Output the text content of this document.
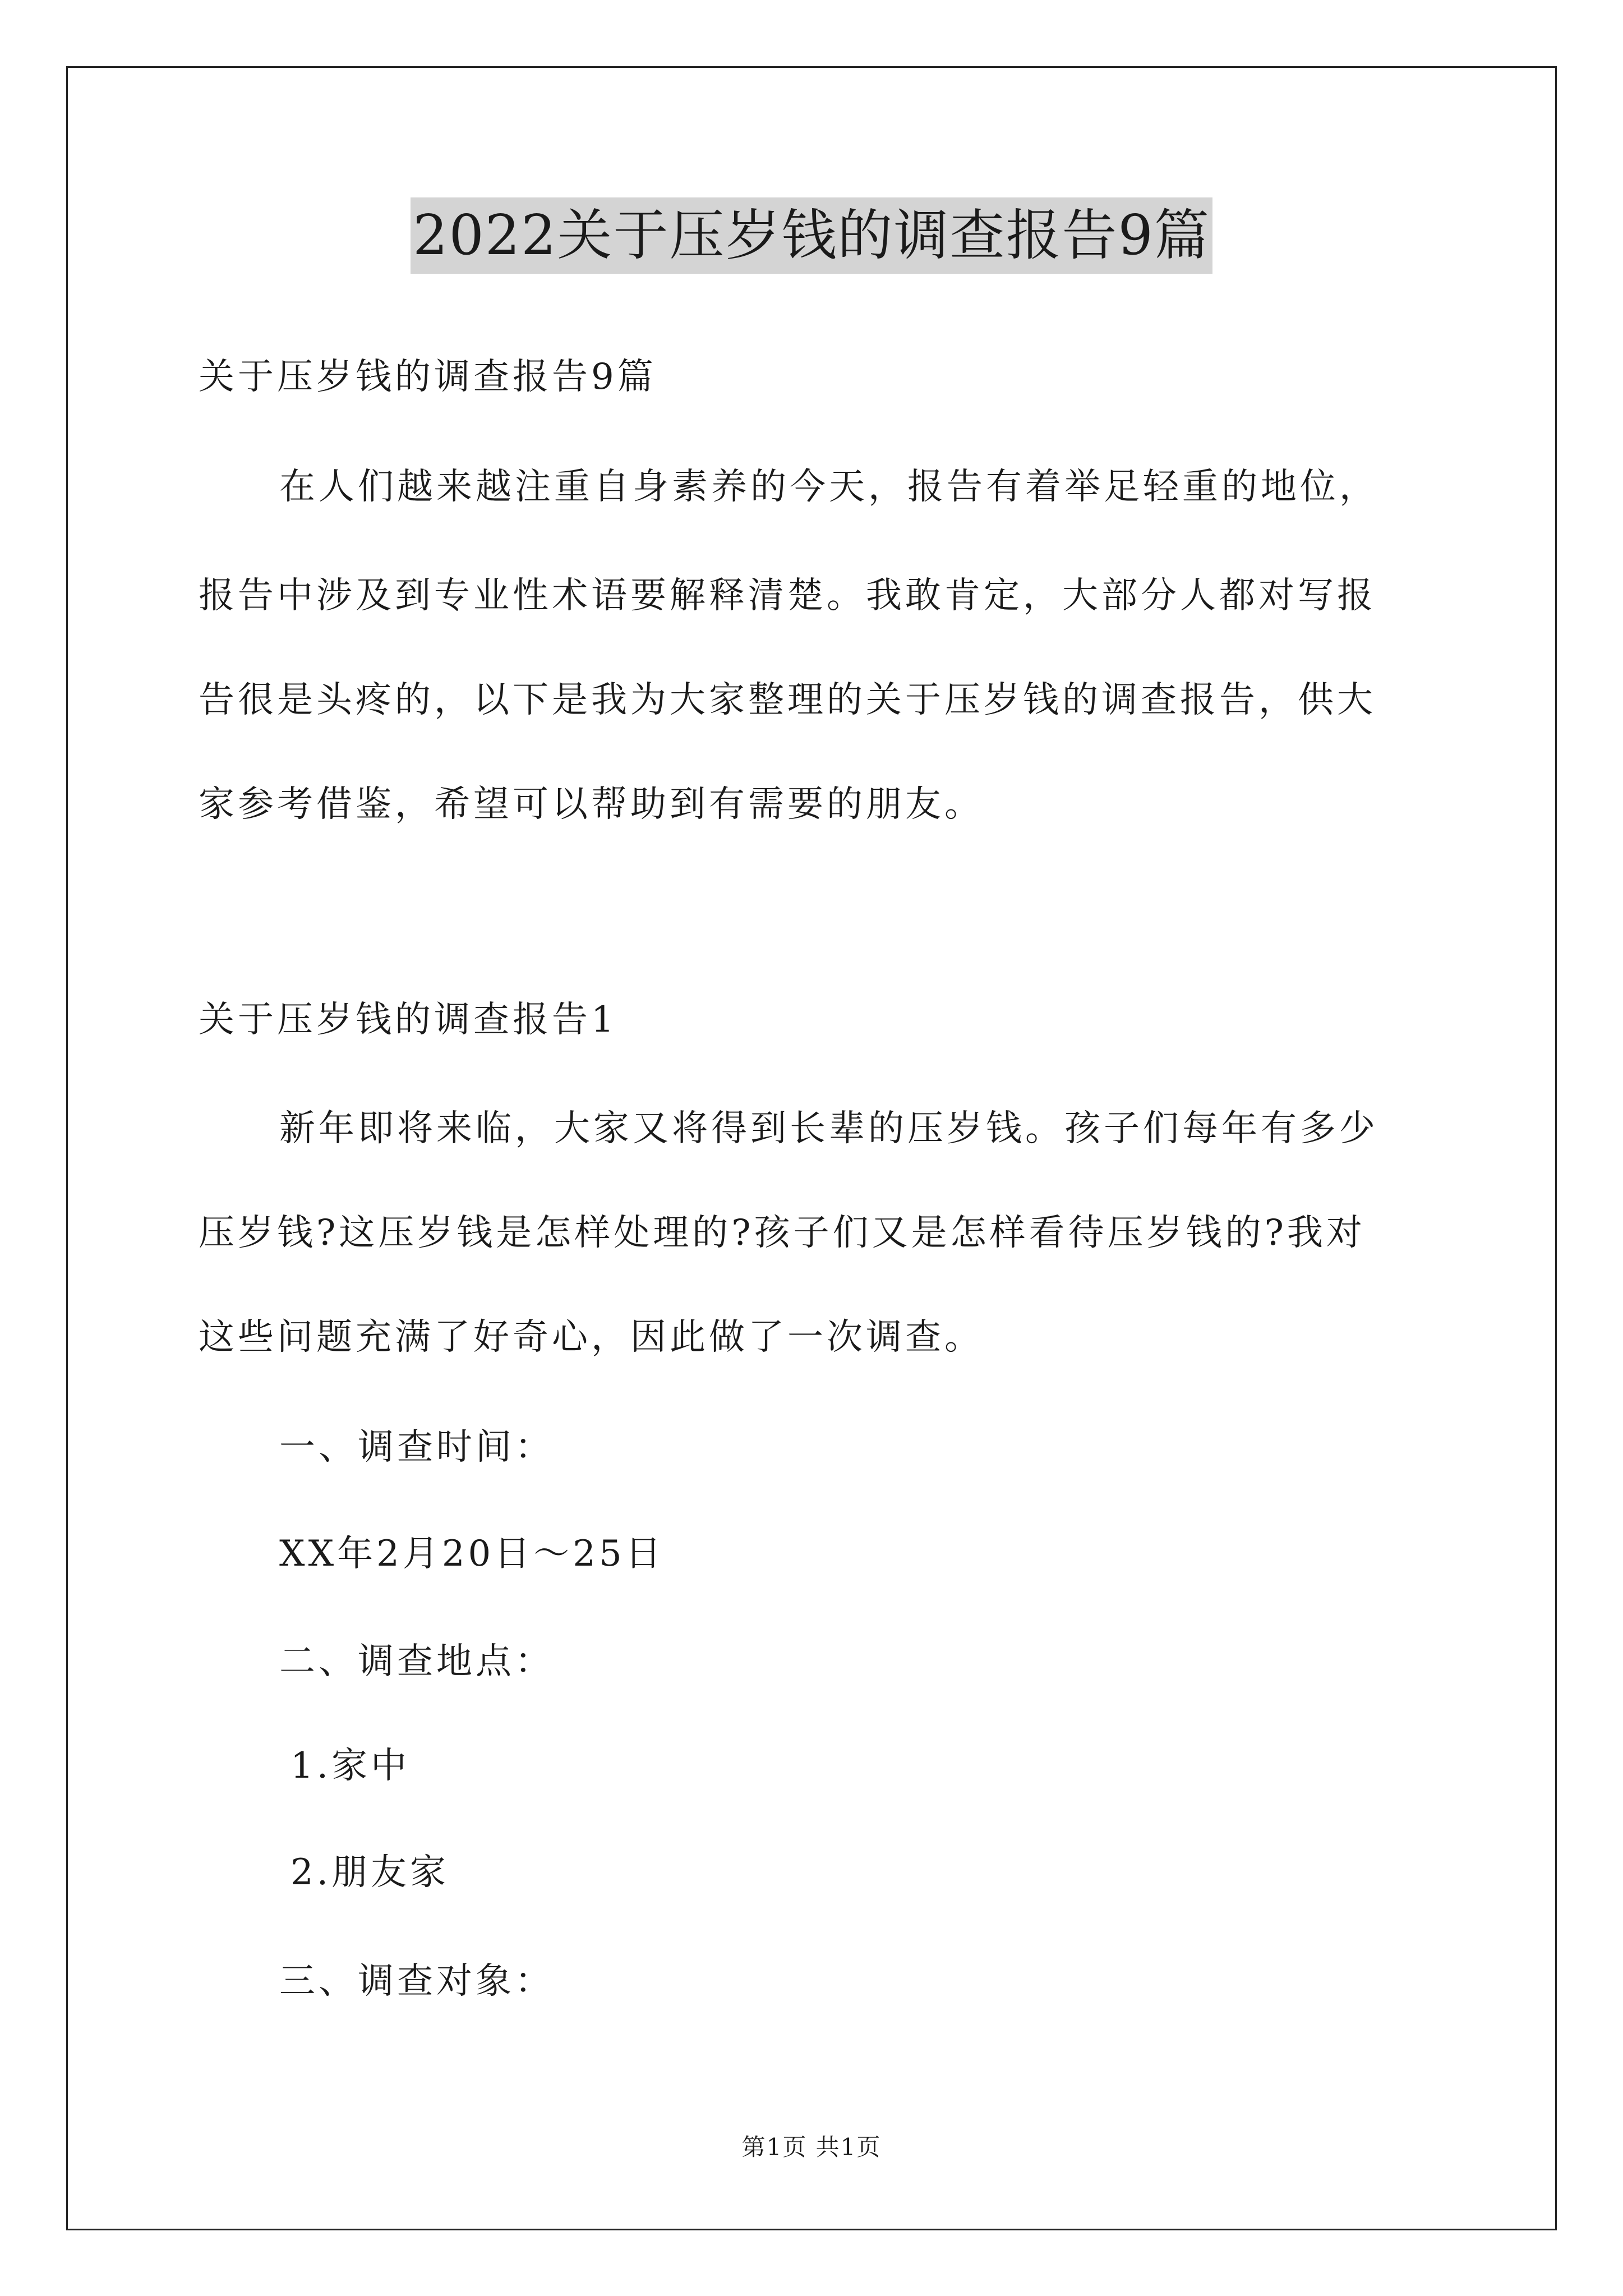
2022关于压岁钱的调查报告9篇
关于压岁钱的调查报告9篇
在人们越来越注重自身素养的今天，报告有着举足轻重的地位，
报告中涉及到专业性术语要解释清楚。我敢肯定，大部分人都对写报
告很是头疼的，以下是我为大家整理的关于压岁钱的调查报告，供大
家参考借鉴，希望可以帮助到有需要的朋友。
关于压岁钱的调查报告1
新年即将来临，大家又将得到长辈的压岁钱。孩子们每年有多少
压岁钱?这压岁钱是怎样处理的?孩子们又是怎样看待压岁钱的?我对
这些问题充满了好奇心，因此做了一次调查。
一、调查时间：
XX年2月20日～25日
二、调查地点：
1.家中
2.朋友家
三、调查对象：
第1页 共1页
